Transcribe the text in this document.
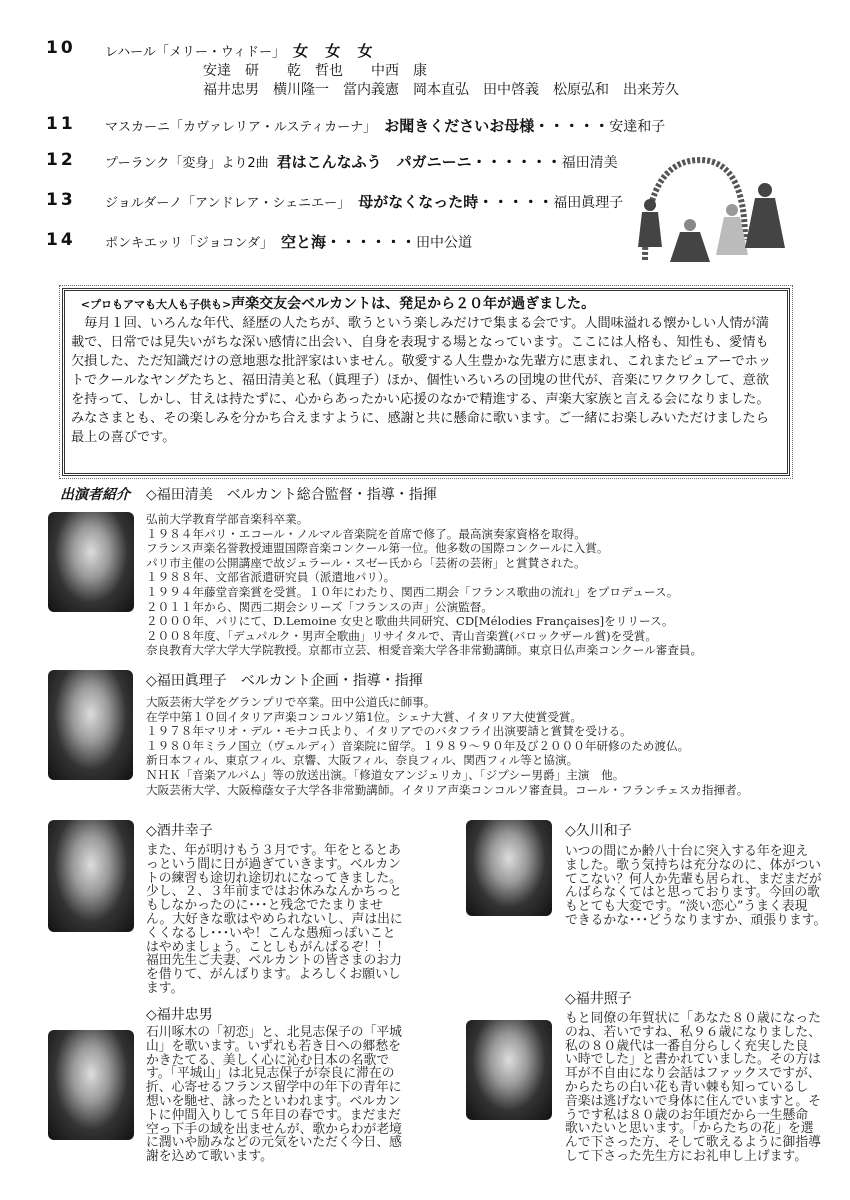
10 レハール「メリー・ウィドー」 女 女 女
安達　研　　乾　哲也　　中西　康
福井忠男　横川隆一　當内義憲　岡本直弘　田中啓義　松原弘和　出来芳久
11 マスカーニ「カヴァレリア・ルスティカーナ」 お聞きくださいお母様・・・・・安達和子
12 プーランク「変身」より2曲 君はこんなふう　パガニーニ・・・・・・福田清美
13 ジョルダーノ「アンドレア・シェニエー」 母がなくなった時・・・・・福田眞理子
14 ポンキエッリ「ジョコンダ」 空と海・・・・・・田中公道
<プロもアマも大人も子供も>声楽交友会ベルカントは、発足から２０年が過ぎました。
　毎月１回、いろんな年代、経歴の人たちが、歌うという楽しみだけで集まる会です。人間味溢れる懐かしい人情が満載で、日常では見失いがちな深い感情に出会い、自身を表現する場となっています。ここには人格も、知性も、愛情も欠損した、ただ知識だけの意地悪な批評家はいません。敬愛する人生豊かな先輩方に恵まれ、これまたピュアーでホットでクールなヤングたちと、福田清美と私（眞理子）ほか、個性いろいろの団塊の世代が、音楽にワクワクして、意欲を持って、しかし、甘えは持たずに、心からあったかい応援のなかで精進する、声楽大家族と言える会になりました。みなさまとも、その楽しみを分かち合えますように、感謝と共に懸命に歌います。ご一緒にお楽しみいただけましたら最上の喜びです。
出演者紹介 ◇福田清美　ベルカント総合監督・指導・指揮
弘前大学教育学部音楽科卒業。
１９８４年パリ・エコール・ノルマル音楽院を首席で修了。最高演奏家資格を取得。
フランス声楽名誉教授連盟国際音楽コンクール第一位。他多数の国際コンクールに入賞。
パリ市主催の公開講座で故ジェラール・スゼー氏から「芸術の芸術」と賞賛された。
１９８８年、文部省派遣研究員（派遣地パリ）。
１９９４年藤堂音楽賞を受賞。１０年にわたり、関西二期会「フランス歌曲の流れ」をプロデュース。
２０１１年から、関西二期会シリーズ「フランスの声」公演監督。
２０００年、パリにて、D.Lemoine 女史と歌曲共同研究、CD[Mélodies Françaises]をリリース。
２００８年度、「デュパルク・男声全歌曲」リサイタルで、青山音楽賞(バロックザール賞)を受賞。
奈良教育大学大学大学院教授。京都市立芸、相愛音楽大学各非常勤講師。東京日仏声楽コンクール審査員。
◇福田眞理子　ベルカント企画・指導・指揮
大阪芸術大学をグランプリで卒業。田中公道氏に師事。
在学中第１０回イタリア声楽コンコルソ第1位。シェナ大賞、イタリア大使賞受賞。
１９７８年マリオ・デル・モナコ氏より、イタリアでのバタフライ出演要請と賞賛を受ける。
１９８０年ミラノ国立（ヴェルディ）音楽院に留学。１９８９～９０年及び２０００年研修のため渡仏。
新日本フィル、東京フィル、京響、大阪フィル、奈良フィル、関西フィル等と協演。
ＮＨＫ「音楽アルバム」等の放送出演。「修道女アンジェリカ」、「ジプシー男爵」主演　他。
大阪芸術大学、大阪樟蔭女子大学各非常勤講師。イタリア声楽コンコルソ審査員。コール・フランチェスカ指揮者。
◇酒井幸子
また、年が明けもう３月です。年をとるとあ
っという間に日が過ぎていきます。ベルカン
トの練習も途切れ途切れになってきました。
少し、２、３年前まではお休みなんかちっと
もしなかったのに･･･と残念でたまりませ
ん。大好きな歌はやめられないし、声は出に
くくなるし･･･いや！こんな愚痴っぽいこと
はやめましょう。ことしもがんばるぞ！！
福田先生ご夫妻、ベルカントの皆さまのお力
を借りて、がんばります。よろしくお願いし
ます。
◇久川和子
いつの間にか齢八十台に突入する年を迎え
ました。歌う気持ちは充分なのに、体がつい
てこない？何人か先輩も居られ、まだまだが
んばらなくてはと思っております。今回の歌
もとても大変です。“淡い恋心”うまく表現
できるかな･･･どうなりますか、頑張ります。
◇福井忠男
石川啄木の「初恋」と、北見志保子の「平城
山」を歌います。いずれも若き日への郷愁を
かきたてる、美しく心に沁む日本の名歌で
す。「平城山」は北見志保子が奈良に滞在の
折、心寄せるフランス留学中の年下の青年に
想いを馳せ、詠ったといわれます。ベルカン
トに仲間入りして５年目の春です。まだまだ
空っ下手の域を出ませんが、歌からわが老境
に潤いや励みなどの元気をいただく今日、感
謝を込めて歌います。
◇福井照子
もと同僚の年賀状に「あなた８０歳になった
のね、若いですね、私９６歳になりました、
私の８０歳代は一番自分らしく充実した良
い時でした」と書かれていました。その方は
耳が不自由になり会話はファックスですが、
からたちの白い花も青い棘も知っているし
音楽は逃げないで身体に住んでいますと。そ
うです私は８０歳のお年頃だから一生懸命
歌いたいと思います。「からたちの花」を選
んで下さった方、そして歌えるように御指導
して下さった先生方にお礼申し上げます。
